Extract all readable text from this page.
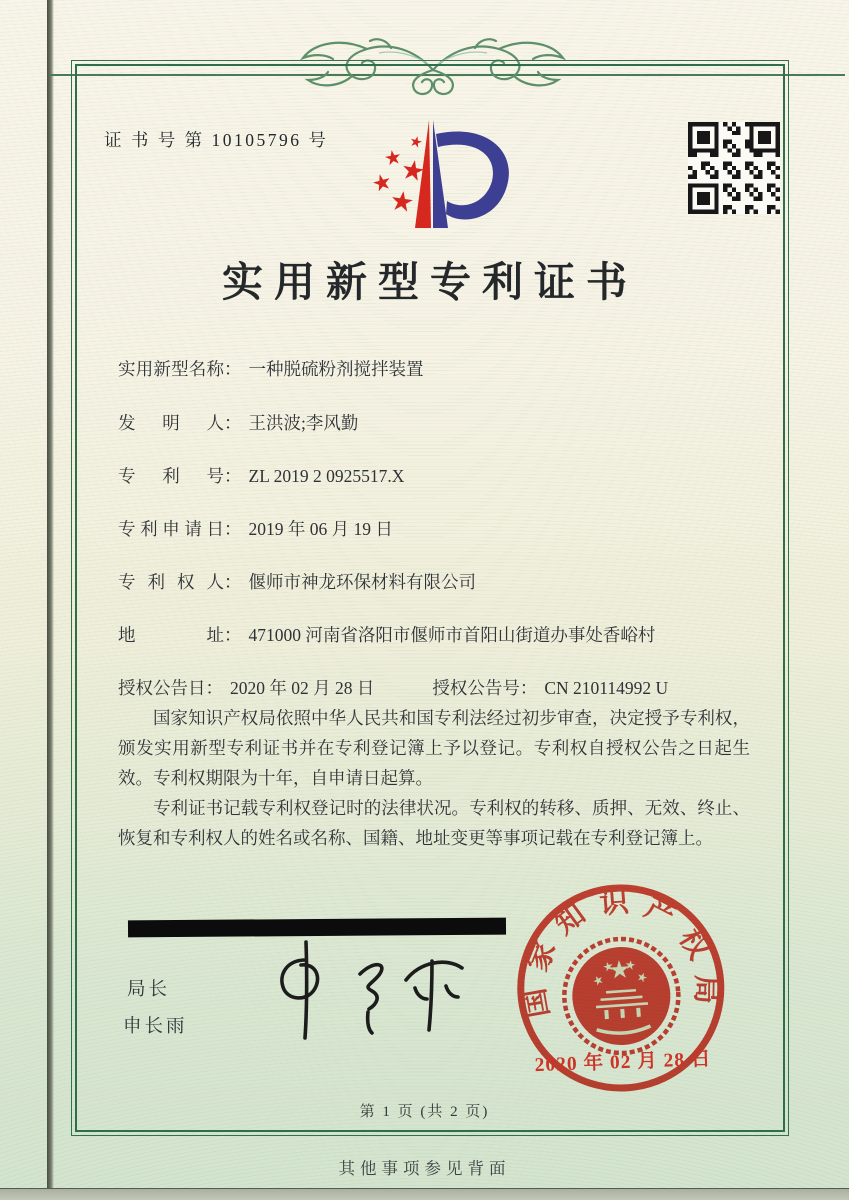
证 书 号 第 10105796 号
实用新型专利证书
实用新型名称： 一种脱硫粉剂搅拌装置
发明人： 王洪波;李风勤
专利号： ZL 2019 2 0925517.X
专利申请日： 2019 年 06 月 19 日
专利权人： 偃师市神龙环保材料有限公司
地址： 471000 河南省洛阳市偃师市首阳山街道办事处香峪村
授权公告日： 2020 年 02 月 28 日	授权公告号： CN 210114992 U

国家知识产权局依照中华人民共和国专利法经过初步审查，决定授予专利权，颁发实用新型专利证书并在专利登记簿上予以登记。专利权自授权公告之日起生效。专利权期限为十年，自申请日起算。

专利证书记载专利权登记时的法律状况。专利权的转移、质押、无效、终止、恢复和专利权人的姓名或名称、国籍、地址变更等事项记载在专利登记簿上。

局长
申长雨
国家知识产权局
2020 年 02 月 28 日
第 1 页 (共 2 页)
其他事项参见背面
